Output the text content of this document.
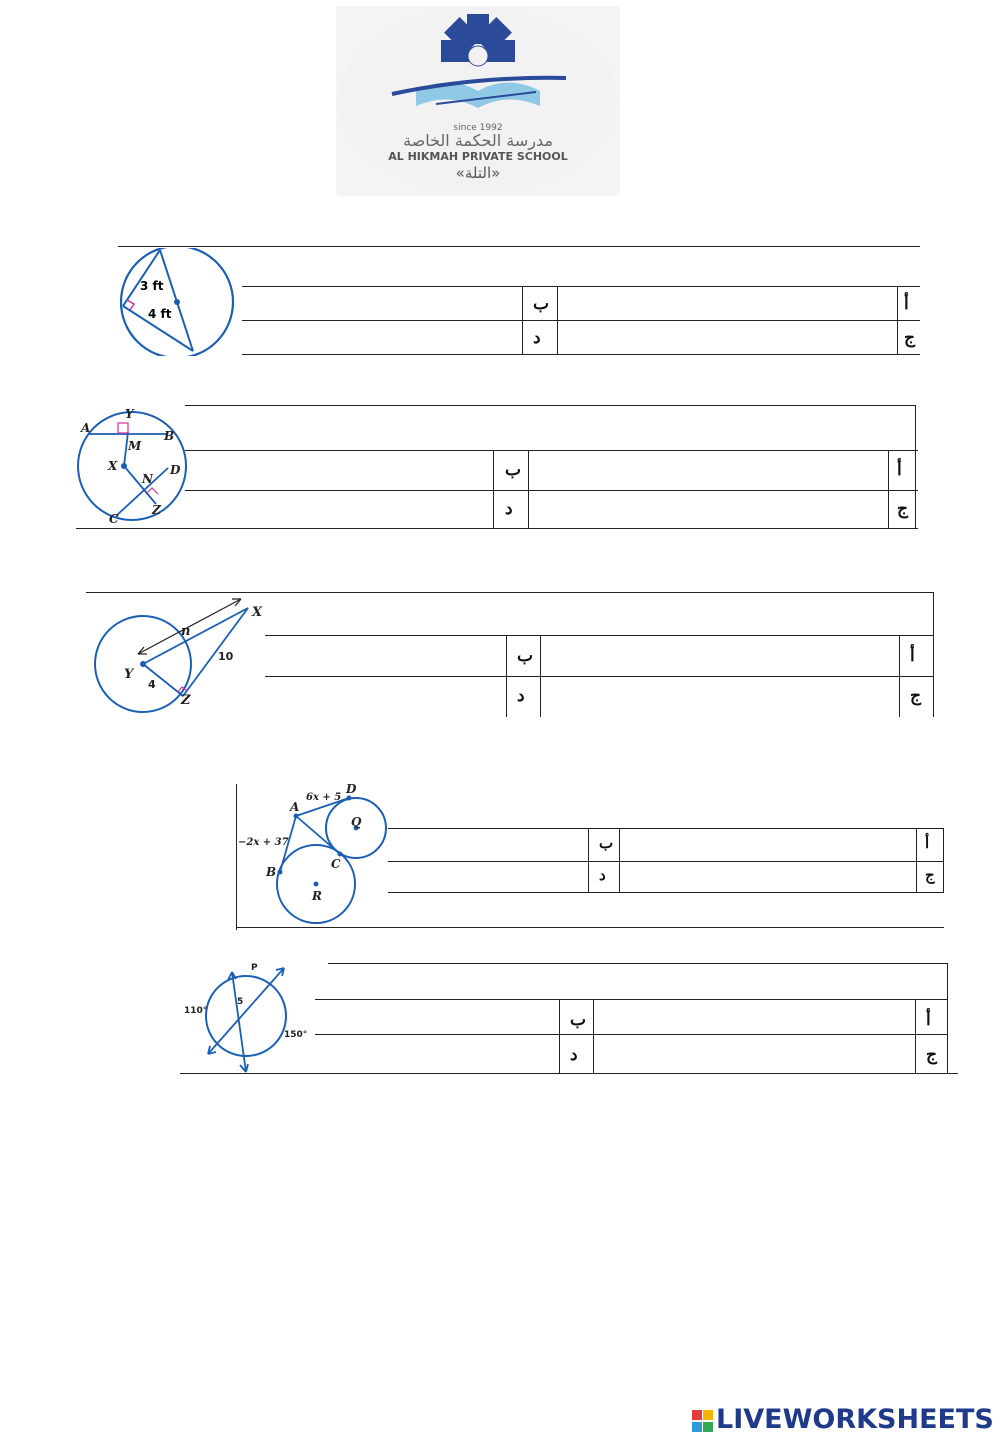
since 1992
مدرسة الحكمة الخاصة
AL HIKMAH PRIVATE SCHOOL
«التلة»
أ
ب
ج
د
3 ft
4 ft
أ
ب
ج
د
A
Y
B
M
X
N
D
Z
C
أ
ب
ج
د
X
n
Y
Z
10
4
أ
ب
ج
د
D
A
Q
C
B
R
6x + 5
−2x + 37
أ
ب
ج
د
P
5
110°
150°
LIVEWORKSHEETS
